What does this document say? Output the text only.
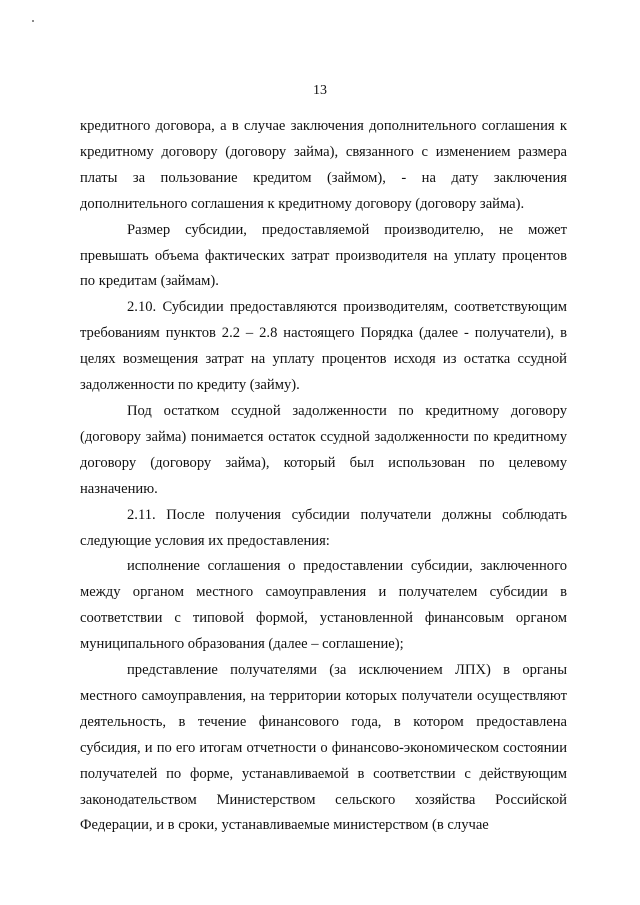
13

кредитного договора, а в случае заключения дополнительного соглашения к кредитному договору (договору займа), связанного с изменением размера платы за пользование кредитом (займом), - на дату заключения дополнительного соглашения к кредитному договору (договору займа).

Размер субсидии, предоставляемой производителю, не может превышать объема фактических затрат производителя на уплату процентов по кредитам (займам).

2.10. Субсидии предоставляются производителям, соответствующим требованиям пунктов 2.2 – 2.8 настоящего Порядка (далее - получатели), в целях возмещения затрат на уплату процентов исходя из остатка ссудной задолженности по кредиту (займу).

Под остатком ссудной задолженности по кредитному договору (договору займа) понимается остаток ссудной задолженности по кредитному договору (договору займа), который был использован по целевому назначению.

2.11. После получения субсидии получатели должны соблюдать следующие условия их предоставления:

исполнение соглашения о предоставлении субсидии, заключенного между органом местного самоуправления и получателем субсидии в соответствии с типовой формой, установленной финансовым органом муниципального образования (далее – соглашение);

представление получателями (за исключением ЛПХ) в органы местного самоуправления, на территории которых получатели осуществляют деятельность, в течение финансового года, в котором предоставлена субсидия, и по его итогам отчетности о финансово-экономическом состоянии получателей по форме, устанавливаемой в соответствии с действующим законодательством Министерством сельского хозяйства Российской Федерации, и в сроки, устанавливаемые министерством (в случае
